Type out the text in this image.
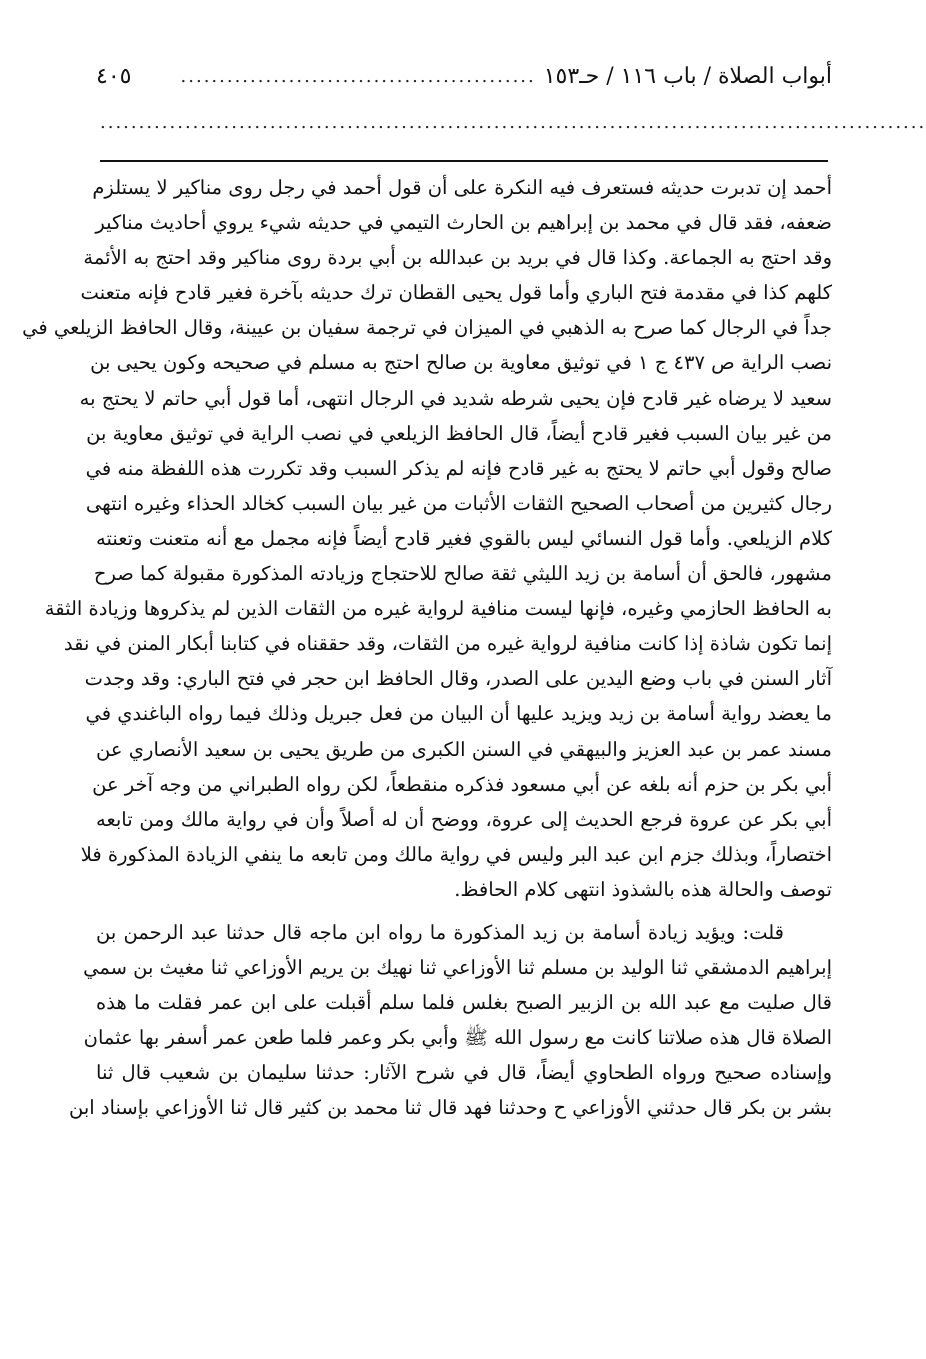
أبواب الصلاة / باب ١١٦ / حـ١٥٣
..............................................
٤٠٥
...........................................................................................................
أحمد إن تدبرت حديثه فستعرف فيه النكرة على أن قول أحمد في رجل روى مناكير لا يستلزم
ضعفه، فقد قال في محمد بن إبراهيم بن الحارث التيمي في حديثه شيء يروي أحاديث مناكير
وقد احتج به الجماعة. وكذا قال في بريد بن عبدالله بن أبي بردة روى مناكير وقد احتج به الأئمة
كلهم كذا في مقدمة فتح الباري وأما قول يحيى القطان ترك حديثه بآخرة فغير قادح فإنه متعنت
جداً في الرجال كما صرح به الذهبي في الميزان في ترجمة سفيان بن عيينة، وقال الحافظ الزيلعي في
نصب الراية ص ٤٣٧ ج ١ في توثيق معاوية بن صالح احتج به مسلم في صحيحه وكون يحيى بن
سعيد لا يرضاه غير قادح فإن يحيى شرطه شديد في الرجال انتهى، أما قول أبي حاتم لا يحتج به
من غير بيان السبب فغير قادح أيضاً، قال الحافظ الزيلعي في نصب الراية في توثيق معاوية بن
صالح وقول أبي حاتم لا يحتج به غير قادح فإنه لم يذكر السبب وقد تكررت هذه اللفظة منه في
رجال كثيرين من أصحاب الصحيح الثقات الأثبات من غير بيان السبب كخالد الحذاء وغيره انتهى
كلام الزيلعي. وأما قول النسائي ليس بالقوي فغير قادح أيضاً فإنه مجمل مع أنه متعنت وتعنته
مشهور، فالحق أن أسامة بن زيد الليثي ثقة صالح للاحتجاج وزيادته المذكورة مقبولة كما صرح
به الحافظ الحازمي وغيره، فإنها ليست منافية لرواية غيره من الثقات الذين لم يذكروها وزيادة الثقة
إنما تكون شاذة إذا كانت منافية لرواية غيره من الثقات، وقد حققناه في كتابنا أبكار المنن في نقد
آثار السنن في باب وضع اليدين على الصدر، وقال الحافظ ابن حجر في فتح الباري: وقد وجدت
ما يعضد رواية أسامة بن زيد ويزيد عليها أن البيان من فعل جبريل وذلك فيما رواه الباغندي في
مسند عمر بن عبد العزيز والبيهقي في السنن الكبرى من طريق يحيى بن سعيد الأنصاري عن
أبي بكر بن حزم أنه بلغه عن أبي مسعود فذكره منقطعاً، لكن رواه الطبراني من وجه آخر عن
أبي بكر عن عروة فرجع الحديث إلى عروة، ووضح أن له أصلاً وأن في رواية مالك ومن تابعه
اختصاراً، وبذلك جزم ابن عبد البر وليس في رواية مالك ومن تابعه ما ينفي الزيادة المذكورة فلا
توصف والحالة هذه بالشذوذ انتهى كلام الحافظ.
قلت: ويؤيد زيادة أسامة بن زيد المذكورة ما رواه ابن ماجه قال حدثنا عبد الرحمن بن
إبراهيم الدمشقي ثنا الوليد بن مسلم ثنا الأوزاعي ثنا نهيك بن يريم الأوزاعي ثنا مغيث بن سمي
قال صليت مع عبد الله بن الزبير الصبح بغلس فلما سلم أقبلت على ابن عمر فقلت ما هذه
الصلاة قال هذه صلاتنا كانت مع رسول الله ﷺ وأبي بكر وعمر فلما طعن عمر أسفر بها عثمان
وإسناده صحيح ورواه الطحاوي أيضاً، قال في شرح الآثار: حدثنا سليمان بن شعيب قال ثنا
بشر بن بكر قال حدثني الأوزاعي ح وحدثنا فهد قال ثنا محمد بن كثير قال ثنا الأوزاعي بإسناد ابن
